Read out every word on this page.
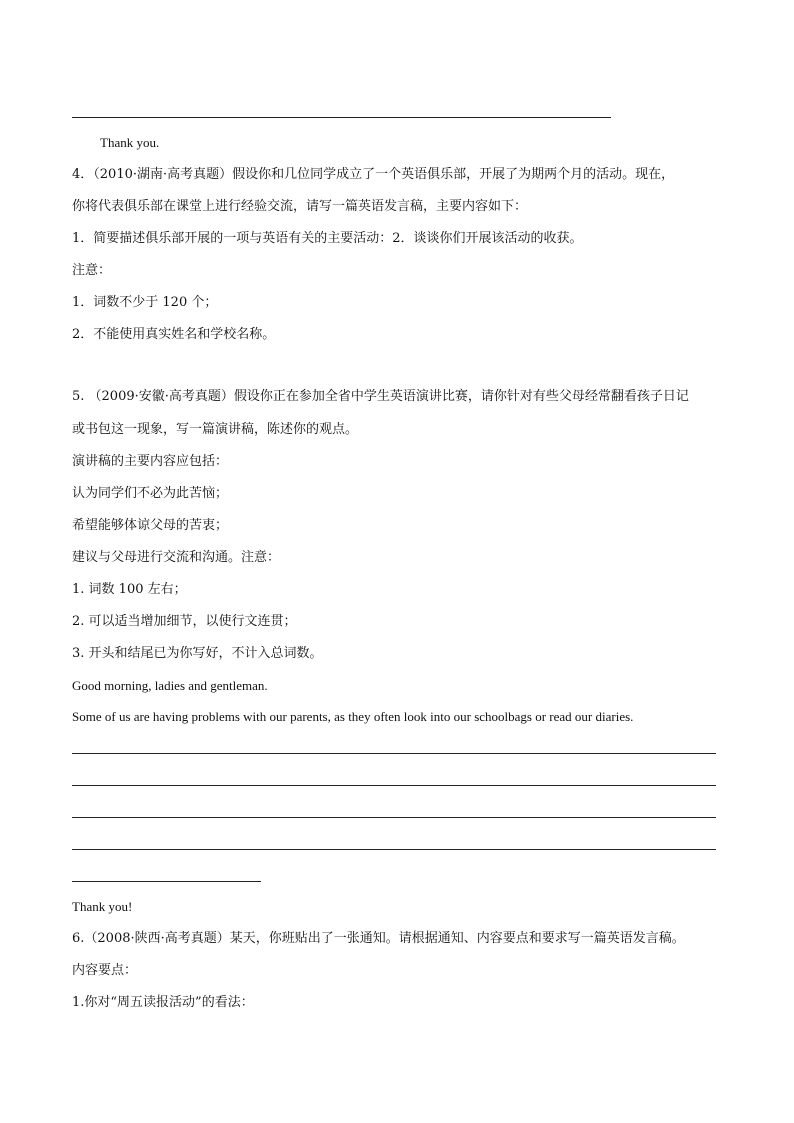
Thank you.
4．（2010·湖南·高考真题）假设你和几位同学成立了一个英语俱乐部，开展了为期两个月的活动。现在，
你将代表俱乐部在课堂上进行经验交流，请写一篇英语发言稿，主要内容如下：
1．简要描述俱乐部开展的一项与英语有关的主要活动：2．谈谈你们开展该活动的收获。
注意：
1．词数不少于 120 个；
2．不能使用真实姓名和学校名称。
5. （2009·安徽·高考真题）假设你正在参加全省中学生英语演讲比赛，请你针对有些父母经常翻看孩子日记
或书包这一现象，写一篇演讲稿，陈述你的观点。
演讲稿的主要内容应包括：
认为同学们不必为此苦恼；
希望能够体谅父母的苦衷；
建议与父母进行交流和沟通。注意：
1. 词数 100 左右；
2. 可以适当增加细节，以使行文连贯；
3. 开头和结尾已为你写好，不计入总词数。
Good morning, ladies and gentleman.
Some of us are having problems with our parents, as they often look into our schoolbags or read our diaries.
Thank you!
6.（2008·陕西·高考真题）某天，你班贴出了一张通知。请根据通知、内容要点和要求写一篇英语发言稿。
内容要点：
1.你对“周五读报活动”的看法：
